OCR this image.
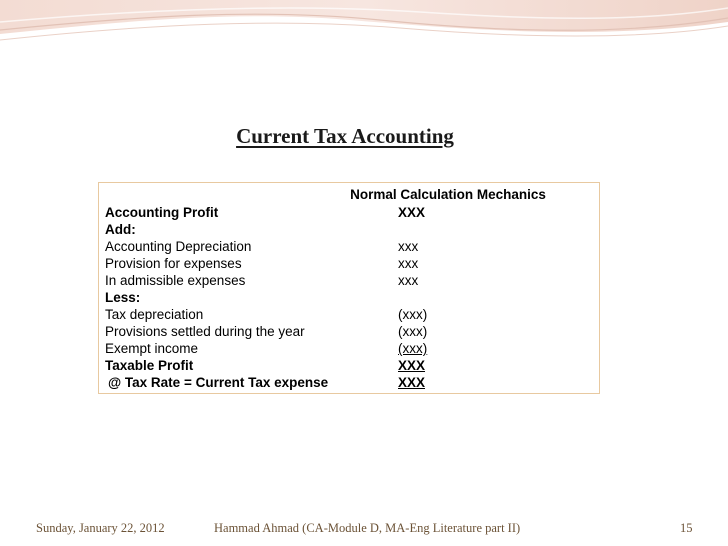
Current Tax Accounting
Normal Calculation Mechanics
Accounting Profit	XXX
Add:
Accounting Depreciation	xxx
Provision for expenses	xxx
In admissible expenses	xxx
Less:
Tax depreciation	(xxx)
Provisions settled during the year	(xxx)
Exempt income	(xxx)
Taxable Profit	XXX
@ Tax Rate = Current Tax expense	XXX
Sunday, January 22, 2012	Hammad Ahmad (CA-Module D, MA-Eng Literature part II)	15
